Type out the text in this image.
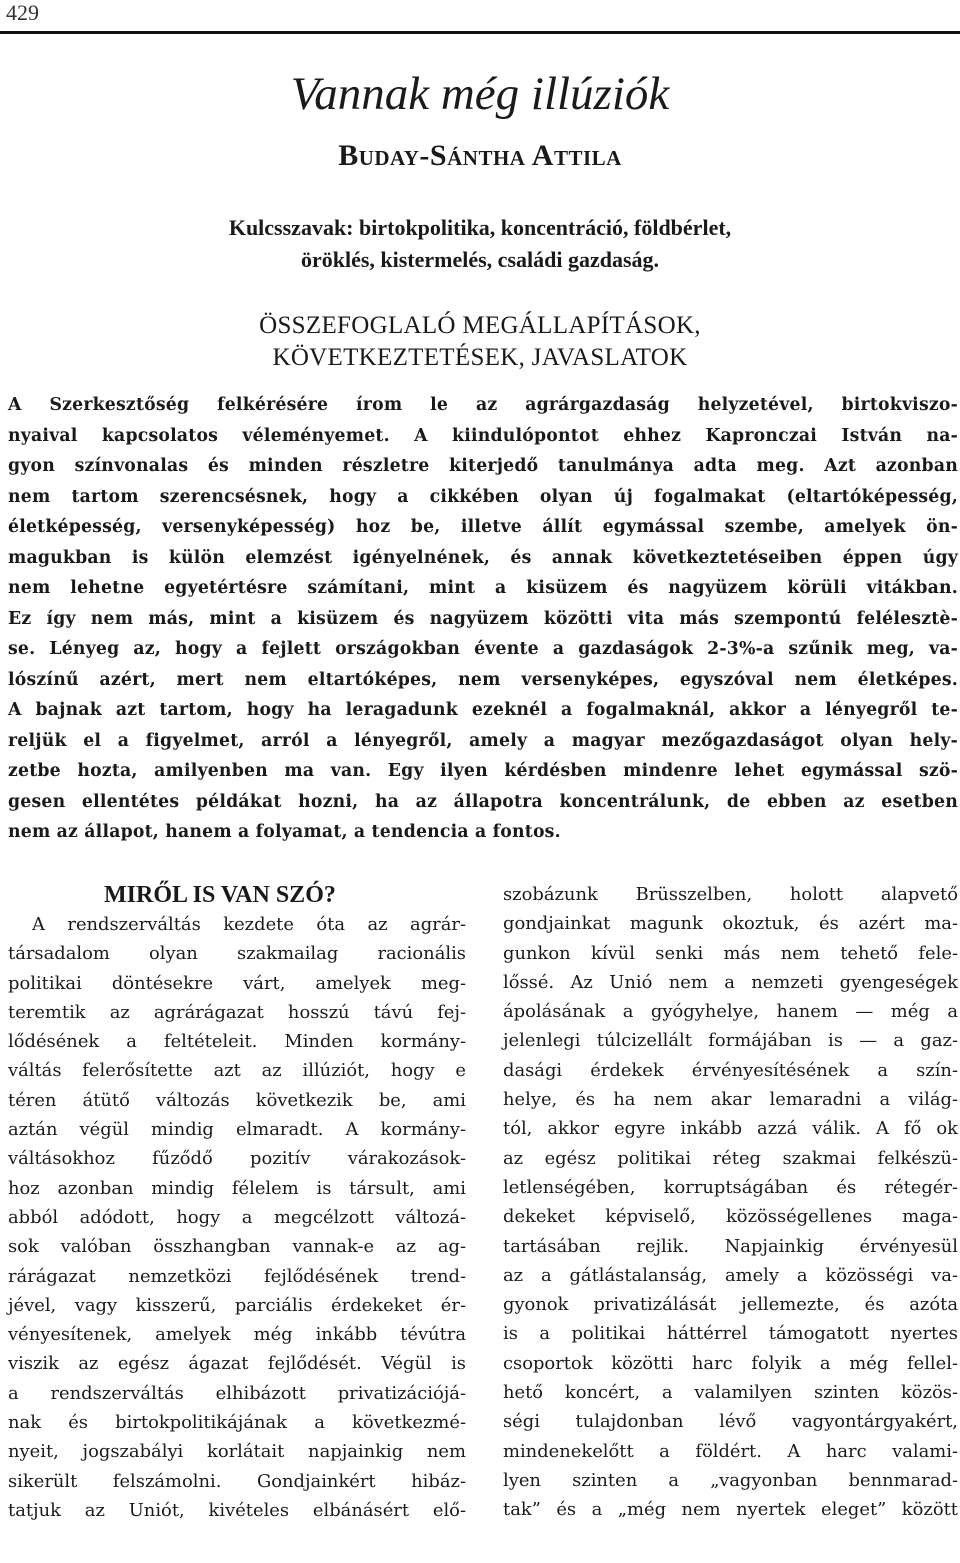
429
Vannak még illúziók
Buday-Sántha Attila
Kulcsszavak: birtokpolitika, koncentráció, földbérlet,
öröklés, kistermelés, családi gazdaság.
ÖSSZEFOGLALÓ MEGÁLLAPÍTÁSOK,
KÖVETKEZTETÉSEK, JAVASLATOK
A Szerkesztőség felkérésére írom le az agrárgazdaság helyzetével, birtokviszo-
nyaival kapcsolatos véleményemet. A kiindulópontot ehhez Kapronczai István na-
gyon színvonalas és minden részletre kiterjedő tanulmánya adta meg. Azt azonban
nem tartom szerencsésnek, hogy a cikkében olyan új fogalmakat (eltartóképesség,
életképesség, versenyképesség) hoz be, illetve állít egymással szembe, amelyek ön-
magukban is külön elemzést igényelnének, és annak következtetéseiben éppen úgy
nem lehetne egyetértésre számítani, mint a kisüzem és nagyüzem körüli vitákban.
Ez így nem más, mint a kisüzem és nagyüzem közötti vita más szempontú felélesztè-
se. Lényeg az, hogy a fejlett országokban évente a gazdaságok 2-3%-a szűnik meg, va-
lószínű azért, mert nem eltartóképes, nem versenyképes, egyszóval nem életképes.
A bajnak azt tartom, hogy ha leragadunk ezeknél a fogalmaknál, akkor a lényegről te-
reljük el a figyelmet, arról a lényegről, amely a magyar mezőgazdaságot olyan hely-
zetbe hozta, amilyenben ma van. Egy ilyen kérdésben mindenre lehet egymással szö-
gesen ellentétes példákat hozni, ha az állapotra koncentrálunk, de ebben az esetben
nem az állapot, hanem a folyamat, a tendencia a fontos.
MIRŐL IS VAN SZÓ?
A rendszerváltás kezdete óta az agrár-
társadalom olyan szakmailag racionális
politikai döntésekre várt, amelyek meg-
teremtik az agrárágazat hosszú távú fej-
lődésének a feltételeit. Minden kormány-
váltás felerősítette azt az illúziót, hogy e
téren átütő változás következik be, ami
aztán végül mindig elmaradt. A kormány-
váltásokhoz fűződő pozitív várakozások-
hoz azonban mindig félelem is társult, ami
abból adódott, hogy a megcélzott változá-
sok valóban összhangban vannak-e az ag-
rárágazat nemzetközi fejlődésének trend-
jével, vagy kisszerű, parciális érdekeket ér-
vényesítenek, amelyek még inkább tévútra
viszik az egész ágazat fejlődését. Végül is
a rendszerváltás elhibázott privatizációjá-
nak és birtokpolitikájának a következmé-
nyeit, jogszabályi korlátait napjainkig nem
sikerült felszámolni. Gondjainkért hibáz-
tatjuk az Uniót, kivételes elbánásért elő-
szobázunk Brüsszelben, holott alapvető
gondjainkat magunk okoztuk, és azért ma-
gunkon kívül senki más nem tehető fele-
lőssé. Az Unió nem a nemzeti gyengeségek
ápolásának a gyógyhelye, hanem — még a
jelenlegi túlcizellált formájában is — a gaz-
dasági érdekek érvényesítésének a szín-
helye, és ha nem akar lemaradni a világ-
tól, akkor egyre inkább azzá válik. A fő ok
az egész politikai réteg szakmai felkészü-
letlenségében, korruptságában és rétegér-
dekeket képviselő, közösségellenes maga-
tartásában rejlik. Napjainkig érvényesül
az a gátlástalanság, amely a közösségi va-
gyonok privatizálását jellemezte, és azóta
is a politikai háttérrel támogatott nyertes
csoportok közötti harc folyik a még fellel-
hető koncért, a valamilyen szinten közös-
ségi tulajdonban lévő vagyontárgyakért,
mindenekelőtt a földért. A harc valami-
lyen szinten a „vagyonban bennmarad-
tak” és a „még nem nyertek eleget” között
